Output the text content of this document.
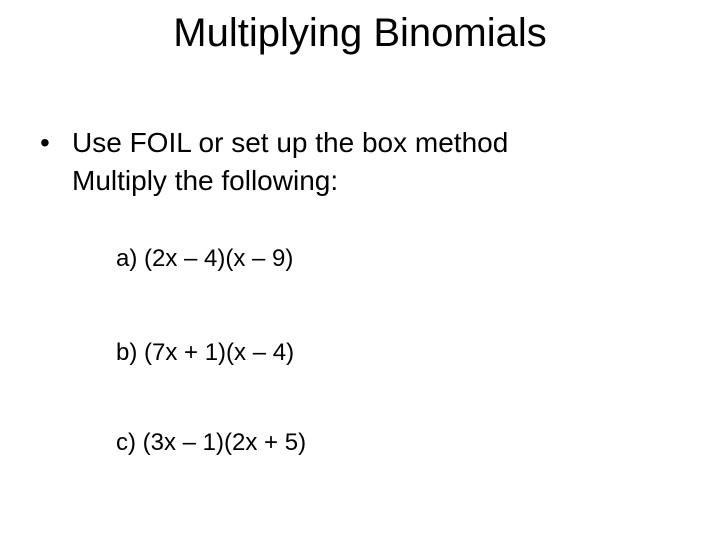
Multiplying Binomials
• Use FOIL or set up the box method
Multiply the following:
a) (2x – 4)(x – 9)
b) (7x + 1)(x – 4)
c) (3x – 1)(2x + 5)
